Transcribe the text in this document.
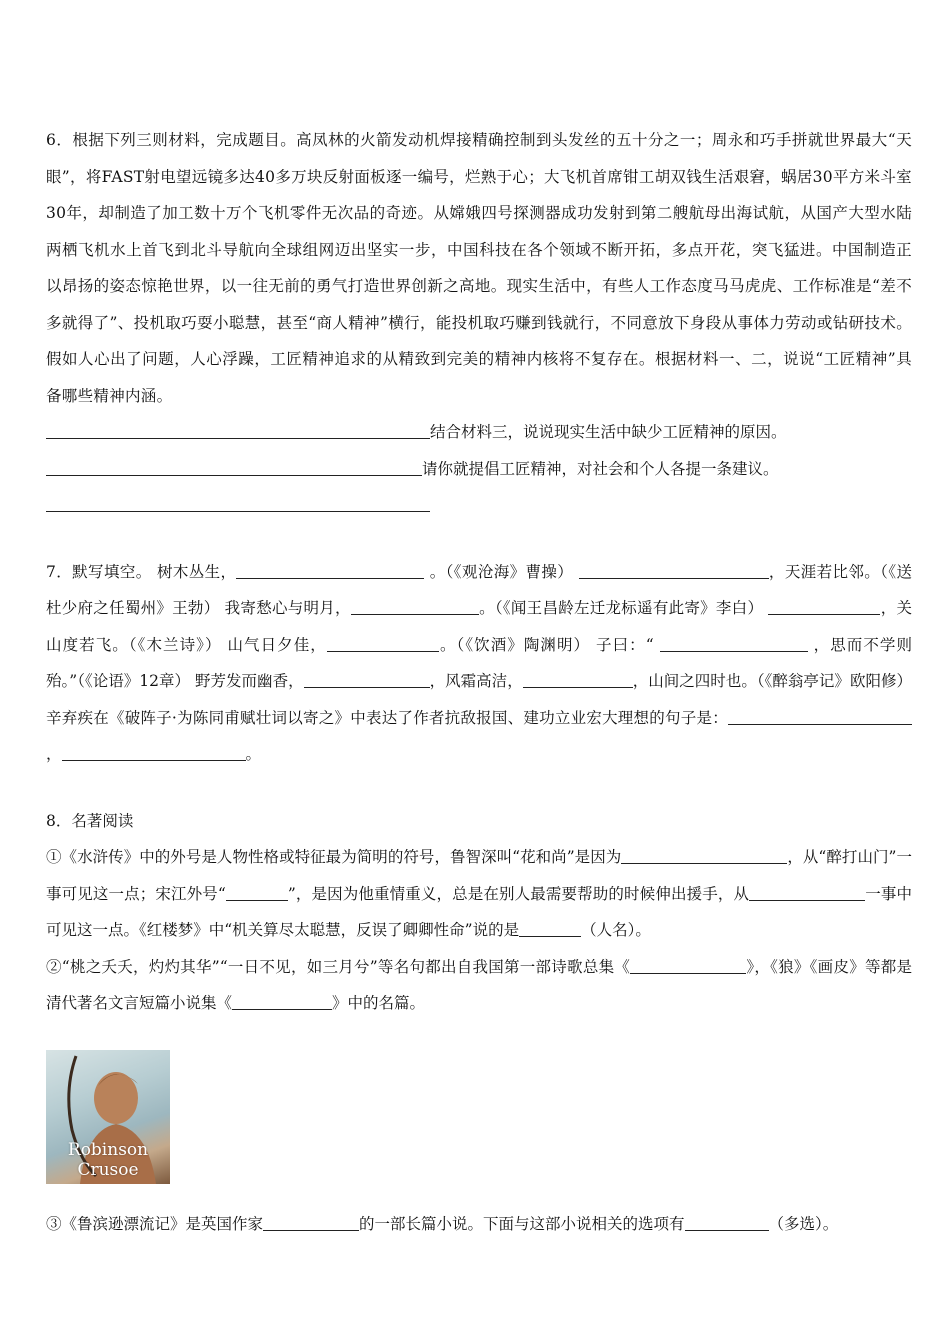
6．根据下列三则材料，完成题目。高凤林的火箭发动机焊接精确控制到头发丝的五十分之一；周永和巧手拼就世界最大“天眼”，将FAST射电望远镜多达40多万块反射面板逐一编号，烂熟于心；大飞机首席钳工胡双钱生活艰窘，蜗居30平方米斗室30年，却制造了加工数十万个飞机零件无次品的奇迹。从嫦娥四号探测器成功发射到第二艘航母出海试航，从国产大型水陆两栖飞机水上首飞到北斗导航向全球组网迈出坚实一步，中国科技在各个领域不断开拓，多点开花，突飞猛进。中国制造正以昂扬的姿态惊艳世界，以一往无前的勇气打造世界创新之高地。现实生活中，有些人工作态度马马虎虎、工作标准是“差不多就得了”、投机取巧耍小聪慧，甚至“商人精神”横行，能投机取巧赚到钱就行，不同意放下身段从事体力劳动或钻研技术。假如人心出了问题，人心浮躁，工匠精神追求的从精致到完美的精神内核将不复存在。根据材料一、二，说说“工匠精神”具备哪些精神内涵。

结合材料三，说说现实生活中缺少工匠精神的原因。

请你就提倡工匠精神，对社会和个人各提一条建议。

7．默写填空。 树木丛生，	。（《观沧海》曹操）	，天涯若比邻。（《送杜少府之任蜀州》王勃） 我寄愁心与明月，	。（《闻王昌龄左迁龙标遥有此寄》李白）	，关山度若飞。（《木兰诗》） 山气日夕佳，	。（《饮酒》陶渊明） 子曰：“	，思而不学则殆。”（《论语》12章） 野芳发而幽香，	，风霜高洁，	，山间之四时也。（《醉翁亭记》欧阳修） 辛弃疾在《破阵子·为陈同甫赋壮词以寄之》中表达了作者抗敌报国、建功立业宏大理想的句子是：，	。

8．名著阅读

①《水浒传》中的外号是人物性格或特征最为简明的符号，鲁智深叫“花和尚”是因为	，从“醉打山门”一事可见这一点；宋江外号“	”，是因为他重情重义，总是在别人最需要帮助的时候伸出援手，从	一事中可见这一点。《红楼梦》中“机关算尽太聪慧，反误了卿卿性命”说的是	（人名）。

②“桃之夭夭，灼灼其华”“一日不见，如三月兮”等名句都出自我国第一部诗歌总集《	》，《狼》《画皮》等都是清代著名文言短篇小说集《	》中的名篇。

Robinson
Crusoe

③《鲁滨逊漂流记》是英国作家	的一部长篇小说。下面与这部小说相关的选项有	（多选）。
